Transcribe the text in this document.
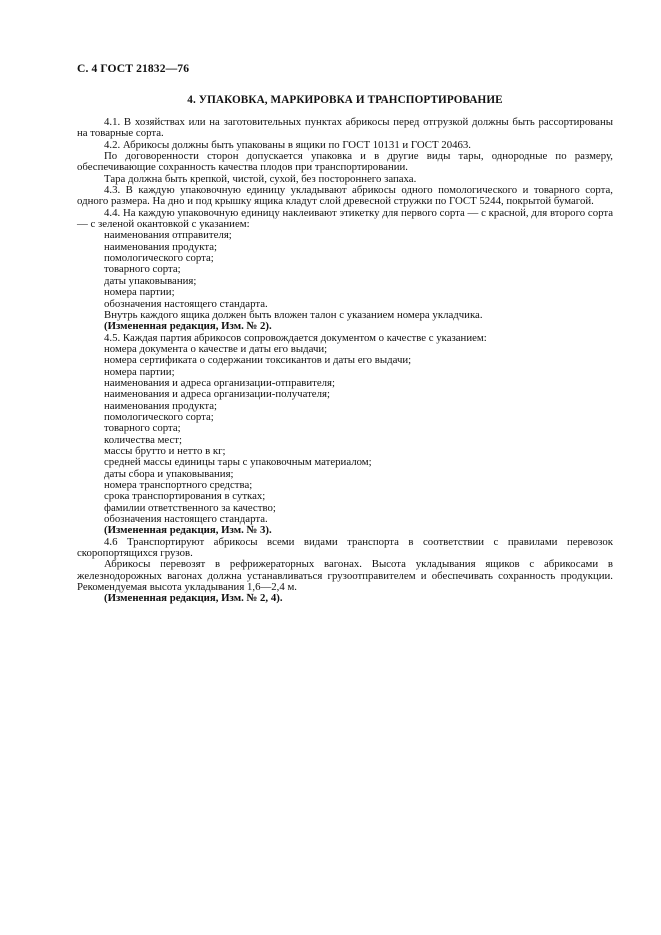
С. 4 ГОСТ 21832—76
4. УПАКОВКА, МАРКИРОВКА И ТРАНСПОРТИРОВАНИЕ

4.1. В хозяйствах или на заготовительных пунктах абрикосы перед отгрузкой должны быть рассортированы на товарные сорта.

4.2. Абрикосы должны быть упакованы в ящики по ГОСТ 10131 и ГОСТ 20463.

По договоренности сторон допускается упаковка и в другие виды тары, однородные по размеру, обеспечивающие сохранность качества плодов при транспортировании.

Тара должна быть крепкой, чистой, сухой, без постороннего запаха.

4.3. В каждую упаковочную единицу укладывают абрикосы одного помологического и товарного сорта, одного размера. На дно и под крышку ящика кладут слой древесной стружки по ГОСТ 5244, покрытой бумагой.

4.4. На каждую упаковочную единицу наклеивают этикетку для первого сорта — с красной, для второго сорта — с зеленой окантовкой с указанием:

наименования отправителя;

наименования продукта;

помологического сорта;

товарного сорта;

даты упаковывания;

номера партии;

обозначения настоящего стандарта.

Внутрь каждого ящика должен быть вложен талон с указанием номера укладчика.

(Измененная редакция, Изм. № 2).

4.5. Каждая партия абрикосов сопровождается документом о качестве с указанием:

номера документа о качестве и даты его выдачи;

номера сертификата о содержании токсикантов и даты его выдачи;

номера партии;

наименования и адреса организации-отправителя;

наименования и адреса организации-получателя;

наименования продукта;

помологического сорта;

товарного сорта;

количества мест;

массы брутто и нетто в кг;

средней массы единицы тары с упаковочным материалом;

даты сбора и упаковывания;

номера транспортного средства;

срока транспортирования в сутках;

фамилии ответственного за качество;

обозначения настоящего стандарта.

(Измененная редакция, Изм. № 3).

4.6 Транспортируют абрикосы всеми видами транспорта в соответствии с правилами перевозок скоропортящихся грузов.

Абрикосы перевозят в рефрижераторных вагонах. Высота укладывания ящиков с абрикосами в железнодорожных вагонах должна устанавливаться грузоотправителем и обеспечивать сохранность продукции. Рекомендуемая высота укладывания 1,6—2,4 м.

(Измененная редакция, Изм. № 2, 4).
